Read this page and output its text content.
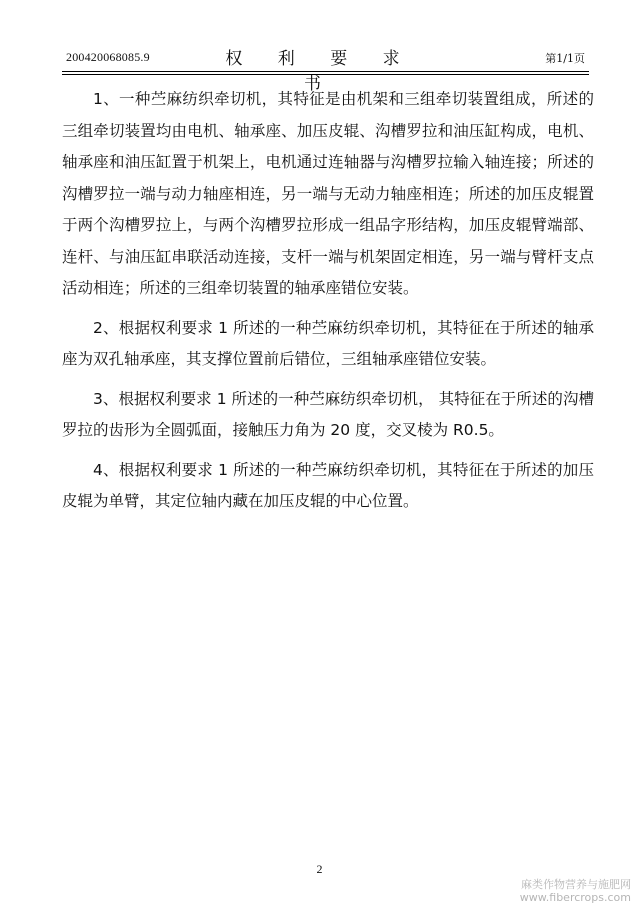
200420068085.9	权 利 要 求 书
第1/1页

1、一种苎麻纺织牵切机，其特征是由机架和三组牵切装置组成，所述的三组牵切装置均由电机、轴承座、加压皮辊、沟槽罗拉和油压缸构成，电机、轴承座和油压缸置于机架上，电机通过连轴器与沟槽罗拉输入轴连接；所述的沟槽罗拉一端与动力轴座相连，另一端与无动力轴座相连；所述的加压皮辊置于两个沟槽罗拉上，与两个沟槽罗拉形成一组品字形结构，加压皮辊臂端部、连杆、与油压缸串联活动连接，支杆一端与机架固定相连，另一端与臂杆支点活动相连；所述的三组牵切装置的轴承座错位安装。

2、根据权利要求 1 所述的一种苎麻纺织牵切机，其特征在于所述的轴承座为双孔轴承座，其支撑位置前后错位，三组轴承座错位安装。

3、根据权利要求 1 所述的一种苎麻纺织牵切机， 其特征在于所述的沟槽罗拉的齿形为全圆弧面，接触压力角为 20 度，交叉棱为 R0.5。

4、根据权利要求 1 所述的一种苎麻纺织牵切机，其特征在于所述的加压皮辊为单臂，其定位轴内藏在加压皮辊的中心位置。

2
麻类作物营养与施肥网
www.fibercrops.com
